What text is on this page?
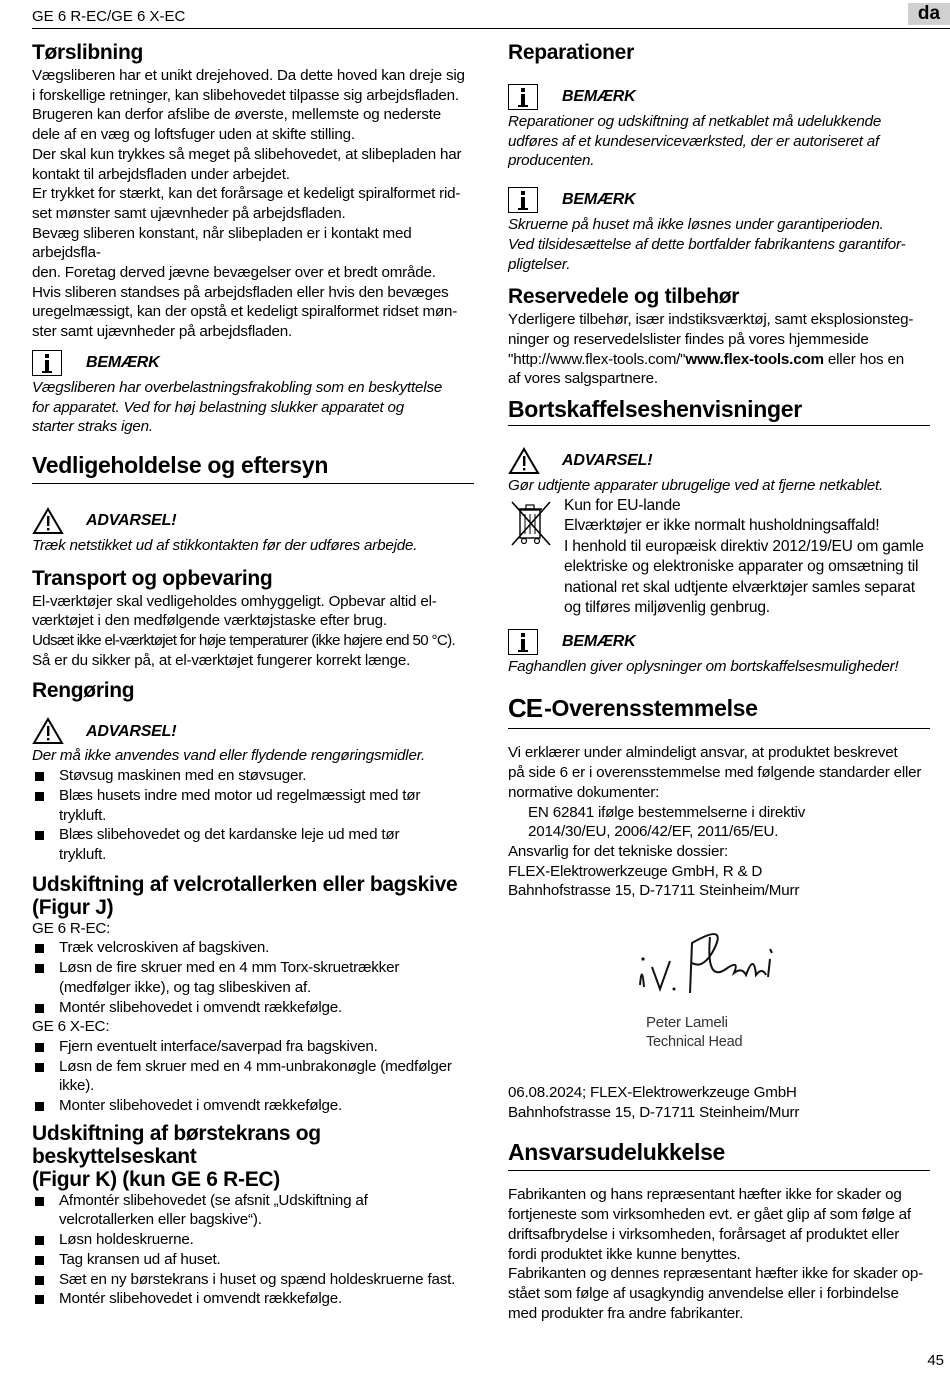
GE 6 R-EC/GE 6 X-EC	da
Tørslibning
Vægsliberen har et unikt drejehoved. Da dette hoved kan dreje sig
i forskellige retninger, kan slibehovedet tilpasse sig arbejdsfladen.
Brugeren kan derfor afslibe de øverste, mellemste og nederste
dele af en væg og loftsfuger uden at skifte stilling.
Der skal kun trykkes så meget på slibehovedet, at slibepladen har
kontakt til arbejdsfladen under arbejdet.
Er trykket for stærkt, kan det forårsage et kedeligt spiralformet rid-
set mønster samt ujævnheder på arbejdsfladen.
Bevæg sliberen konstant, når slibepladen er i kontakt med arbejdsfla-
den. Foretag derved jævne bevægelser over et bredt område.
Hvis sliberen standses på arbejdsfladen eller hvis den bevæges
uregelmæssigt, kan der opstå et kedeligt spiralformet ridset møn-
ster samt ujævnheder på arbejdsfladen.
BEMÆRK
Vægsliberen har overbelastningsfrakobling som en beskyttelse
for apparatet. Ved for høj belastning slukker apparatet og
starter straks igen.
Vedligeholdelse og eftersyn
ADVARSEL!
Træk netstikket ud af stikkontakten før der udføres arbejde.
Transport og opbevaring
El-værktøjer skal vedligeholdes omhyggeligt. Opbevar altid el-
værktøjet i den medfølgende værktøjstaske efter brug.
Udsæt ikke el-værktøjet for høje temperaturer (ikke højere end 50 °C).
Så er du sikker på, at el-værktøjet fungerer korrekt længe.
Rengøring
ADVARSEL!
Der må ikke anvendes vand eller flydende rengøringsmidler.
Støvsug maskinen med en støvsuger.
Blæs husets indre med motor ud regelmæssigt med tør trykluft.
Blæs slibehovedet og det kardanske leje ud med tør trykluft.
Udskiftning af velcrotallerken eller bagskive
(Figur J)
GE 6 R-EC:
Træk velcroskiven af bagskiven.
Løsn de fire skruer med en 4 mm Torx-skruetrækker (medfølger ikke), og tag slibeskiven af.
Montér slibehovedet i omvendt rækkefølge.
GE 6 X-EC:
Fjern eventuelt interface/saverpad fra bagskiven.
Løsn de fem skruer med en 4 mm-unbrakonøgle (medfølger ikke).
Monter slibehovedet i omvendt rækkefølge.
Udskiftning af børstekrans og beskyttelseskant
(Figur K) (kun GE 6 R-EC)
Afmontér slibehovedet (se afsnit „Udskiftning af velcrotallerken eller bagskive“).
Løsn holdeskruerne.
Tag kransen ud af huset.
Sæt en ny børstekrans i huset og spænd holdeskruerne fast.
Montér slibehovedet i omvendt rækkefølge.
Reparationer
BEMÆRK
Reparationer og udskiftning af netkablet må udelukkende
udføres af et kundeserviceværksted, der er autoriseret af
producenten.
BEMÆRK
Skruerne på huset må ikke løsnes under garantiperioden.
Ved tilsidesættelse af dette bortfalder fabrikantens garantifor-
pligtelser.
Reservedele og tilbehør
Yderligere tilbehør, især indstiksværktøj, samt eksplosionsteg-
ninger og reservedelslister findes på vores hjemmeside
"http://www.flex-tools.com/"www.flex-tools.com eller hos en
af vores salgspartnere.
Bortskaffelseshenvisninger
ADVARSEL!
Gør udtjente apparater ubrugelige ved at fjerne netkablet.
Kun for EU-lande
Elværktøjer er ikke normalt husholdningsaffald!
I henhold til europæisk direktiv 2012/19/EU om gamle
elektriske og elektroniske apparater og omsætning til
national ret skal udtjente elværktøjer samles separat
og tilføres miljøvenlig genbrug.
BEMÆRK
Faghandlen giver oplysninger om bortskaffelsesmuligheder!
CE -Overensstemmelse
Vi erklærer under almindeligt ansvar, at produktet beskrevet
på side 6 er i overensstemmelse med følgende standarder eller
normative dokumenter:
EN 62841 ifølge bestemmelserne i direktiv
2014/30/EU, 2006/42/EF, 2011/65/EU.
Ansvarlig for det tekniske dossier:
FLEX-Elektrowerkzeuge GmbH, R & D
Bahnhofstrasse 15, D-71711 Steinheim/Murr
Peter Lameli
Technical Head
06.08.2024; FLEX-Elektrowerkzeuge GmbH
Bahnhofstrasse 15, D-71711 Steinheim/Murr
Ansvarsudelukkelse
Fabrikanten og hans repræsentant hæfter ikke for skader og
fortjeneste som virksomheden evt. er gået glip af som følge af
driftsafbrydelse i virksomheden, forårsaget af produktet eller
fordi produktet ikke kunne benyttes.
Fabrikanten og dennes repræsentant hæfter ikke for skader op-
stået som følge af usagkyndig anvendelse eller i forbindelse
med produkter fra andre fabrikanter.
45
